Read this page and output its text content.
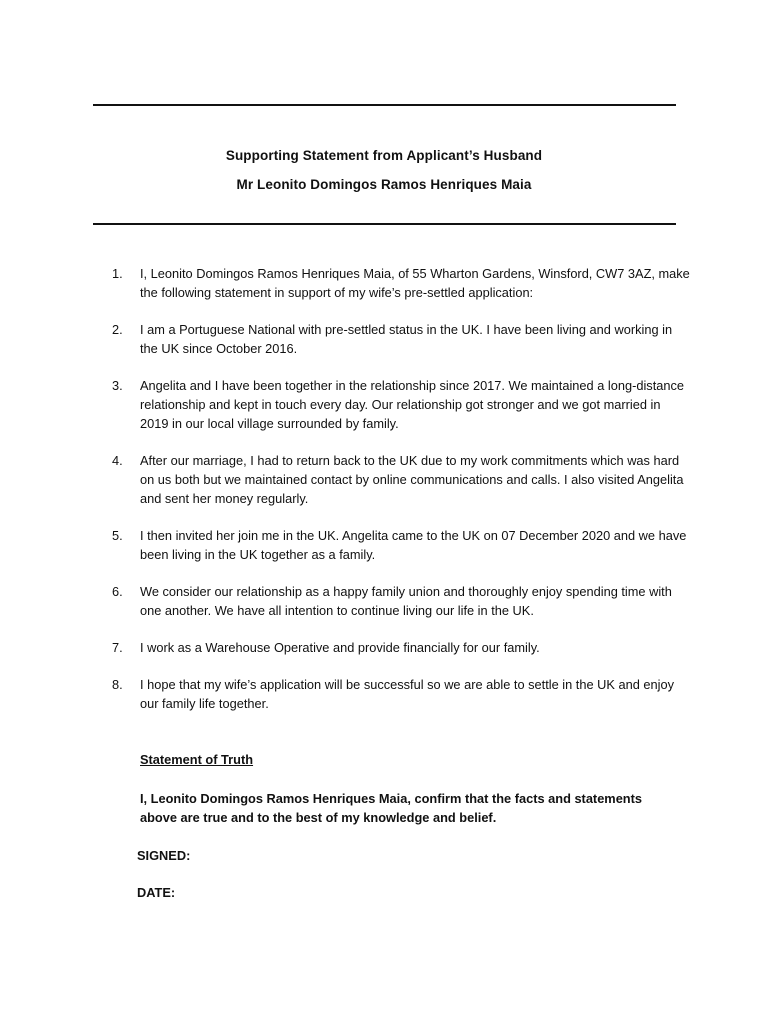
Supporting Statement from Applicant’s Husband
Mr Leonito Domingos Ramos Henriques Maia
1.	I, Leonito Domingos Ramos Henriques Maia, of 55 Wharton Gardens, Winsford, CW7 3AZ, make the following statement in support of my wife’s pre-settled application:
2.	I am a Portuguese National with pre-settled status in the UK. I have been living and working in the UK since October 2016.
3.	Angelita and I have been together in the relationship since 2017. We maintained a long-distance relationship and kept in touch every day. Our relationship got stronger and we got married in 2019 in our local village surrounded by family.
4.	After our marriage, I had to return back to the UK due to my work commitments which was hard on us both but we maintained contact by online communications and calls. I also visited Angelita and sent her money regularly.
5.	I then invited her join me in the UK. Angelita came to the UK on 07 December 2020 and we have been living in the UK together as a family.
6.	We consider our relationship as a happy family union and thoroughly enjoy spending time with one another. We have all intention to continue living our life in the UK.
7.	I work as a Warehouse Operative and provide financially for our family.
8.	I hope that my wife’s application will be successful so we are able to settle in the UK and enjoy our family life together.
Statement of Truth
I, Leonito Domingos Ramos Henriques Maia, confirm that the facts and statements above are true and to the best of my knowledge and belief.
SIGNED:
DATE:
